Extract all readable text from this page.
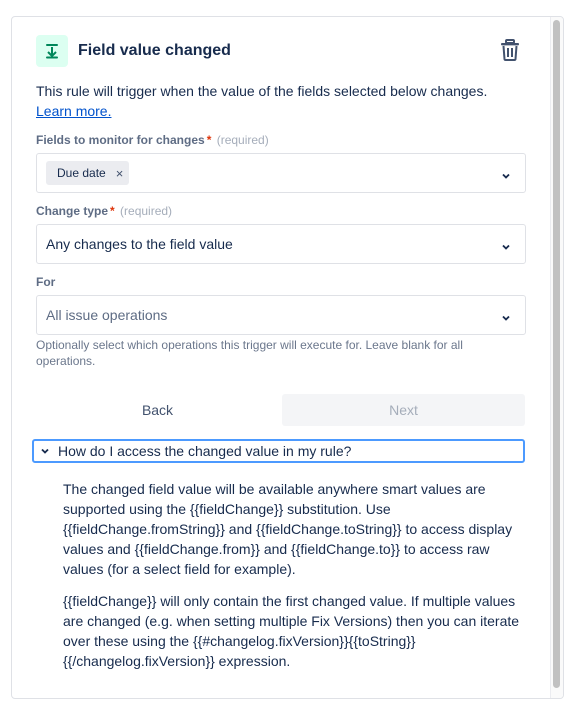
Field value changed
This rule will trigger when the value of the fields selected below changes.
Learn more.
Fields to monitor for changes * (required)
Due date ×
Change type * (required)
Any changes to the field value
For
All issue operations
Optionally select which operations this trigger will execute for. Leave blank for all operations.
Back	Next
How do I access the changed value in my rule?
The changed field value will be available anywhere smart values are supported using the {{fieldChange}} substitution. Use {{fieldChange.fromString}} and {{fieldChange.toString}} to access display values and {{fieldChange.from}} and {{fieldChange.to}} to access raw values (for a select field for example).
{{fieldChange}} will only contain the first changed value. If multiple values are changed (e.g. when setting multiple Fix Versions) then you can iterate over these using the {{#changelog.fixVersion}}{{toString}}{{/changelog.fixVersion}} expression.
